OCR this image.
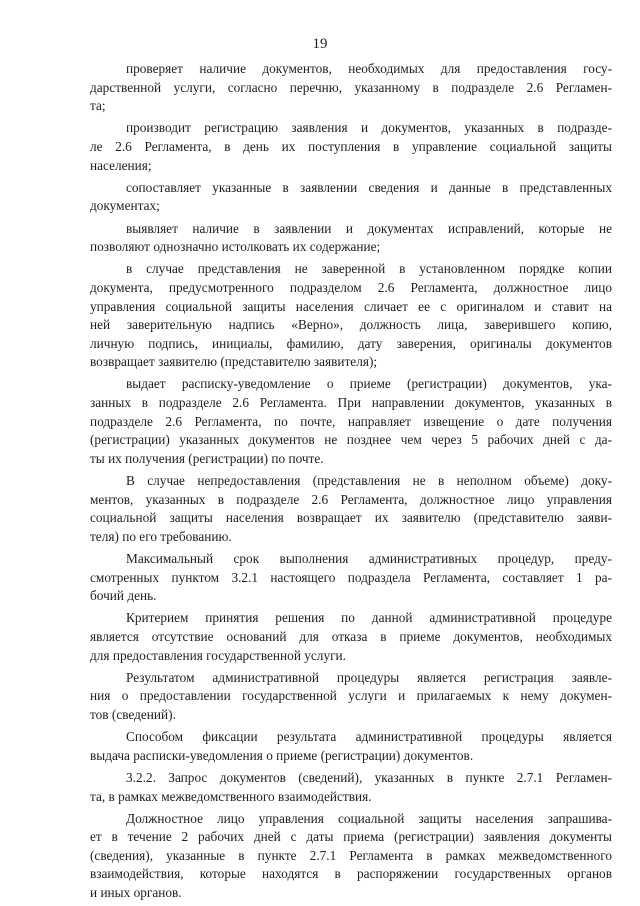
19

проверяет наличие документов, необходимых для предоставления госу-
дарственной услуги, согласно перечню, указанному в подразделе 2.6 Регламен-
та;

производит регистрацию заявления и документов, указанных в подразде-
ле 2.6 Регламента, в день их поступления в управление социальной защиты
населения;

сопоставляет указанные в заявлении сведения и данные в представленных
документах;

выявляет наличие в заявлении и документах исправлений, которые не
позволяют однозначно истолковать их содержание;

в случае представления не заверенной в установленном порядке копии
документа, предусмотренного подразделом 2.6 Регламента, должностное лицо
управления социальной защиты населения сличает ее с оригиналом и ставит на
ней заверительную надпись «Верно», должность лица, заверившего копию,
личную подпись, инициалы, фамилию, дату заверения, оригиналы документов
возвращает заявителю (представителю заявителя);

выдает расписку-уведомление о приеме (регистрации) документов, ука-
занных в подразделе 2.6 Регламента. При направлении документов, указанных в
подразделе 2.6 Регламента, по почте, направляет извещение о дате получения
(регистрации) указанных документов не позднее чем через 5 рабочих дней с да-
ты их получения (регистрации) по почте.

В случае непредоставления (представления не в неполном объеме) доку-
ментов, указанных в подразделе 2.6 Регламента, должностное лицо управления
социальной защиты населения возвращает их заявителю (представителю заяви-
теля) по его требованию.

Максимальный срок выполнения административных процедур, преду-
смотренных пунктом 3.2.1 настоящего подраздела Регламента, составляет 1 ра-
бочий день.

Критерием принятия решения по данной административной процедуре
является отсутствие оснований для отказа в приеме документов, необходимых
для предоставления государственной услуги.

Результатом административной процедуры является регистрация заявле-
ния о предоставлении государственной услуги и прилагаемых к нему докумен-
тов (сведений).

Способом фиксации результата административной процедуры является
выдача расписки-уведомления о приеме (регистрации) документов.

3.2.2. Запрос документов (сведений), указанных в пункте 2.7.1 Регламен-
та, в рамках межведомственного взаимодействия.

Должностное лицо управления социальной защиты населения запрашива-
ет в течение 2 рабочих дней с даты приема (регистрации) заявления документы
(сведения), указанные в пункте 2.7.1 Регламента в рамках межведомственного
взаимодействия, которые находятся в распоряжении государственных органов
и иных органов.
